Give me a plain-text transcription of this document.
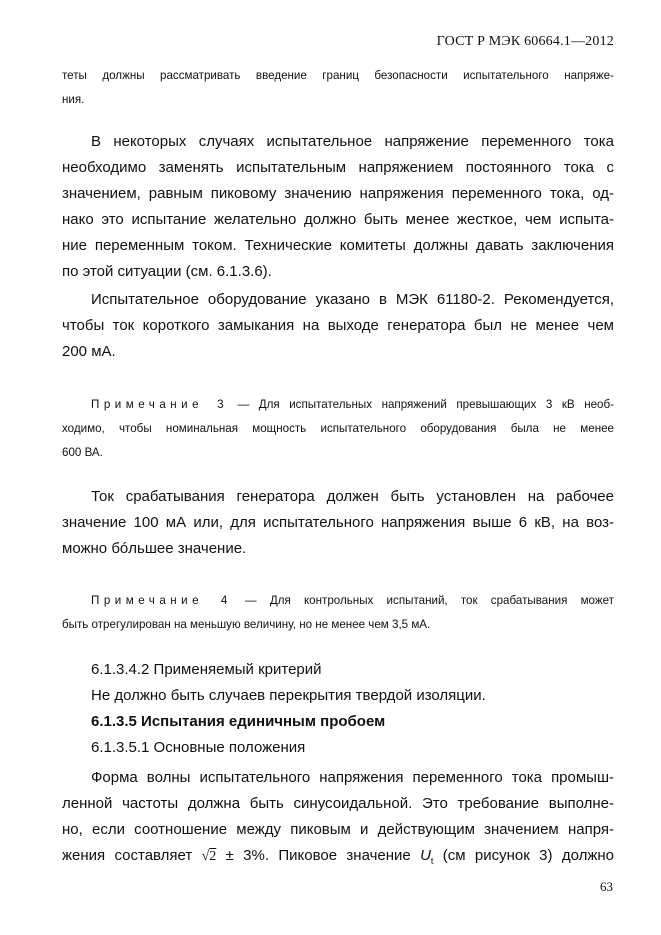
ГОСТ Р МЭК 60664.1—2012
теты должны рассматривать введение границ безопасности испытательного напряже-
ния.
В некоторых случаях испытательное напряжение переменного тока
необходимо заменять испытательным напряжением постоянного тока с
значением, равным пиковому значению напряжения переменного тока, од-
нако это испытание желательно должно быть менее жесткое, чем испыта-
ние переменным током. Технические комитеты должны давать заключения
по этой ситуации (см. 6.1.3.6).
Испытательное оборудование указано в МЭК 61180-2. Рекомендуется,
чтобы ток короткого замыкания на выходе генератора был не менее чем
200 мА.
Примечание 3 — Для испытательных напряжений превышающих 3 кВ необ-
ходимо, чтобы номинальная мощность испытательного оборудования была не менее
600 ВА.
Ток срабатывания генератора должен быть установлен на рабочее
значение 100 мА или, для испытательного напряжения выше 6 кВ, на воз-
можно бóльшее значение.
Примечание 4 — Для контрольных испытаний, ток срабатывания может
быть отрегулирован на меньшую величину, но не менее чем 3,5 мА.
6.1.3.4.2 Применяемый критерий
Не должно быть случаев перекрытия твердой изоляции.
6.1.3.5 Испытания единичным пробоем
6.1.3.5.1 Основные положения
Форма волны испытательного напряжения переменного тока промыш-
ленной частоты должна быть синусоидальной. Это требование выполне-
но, если соотношение между пиковым и действующим значением напря-
жения составляет √2 ± 3%. Пиковое значение $U_t$ (см рисунок 3) должно
63
